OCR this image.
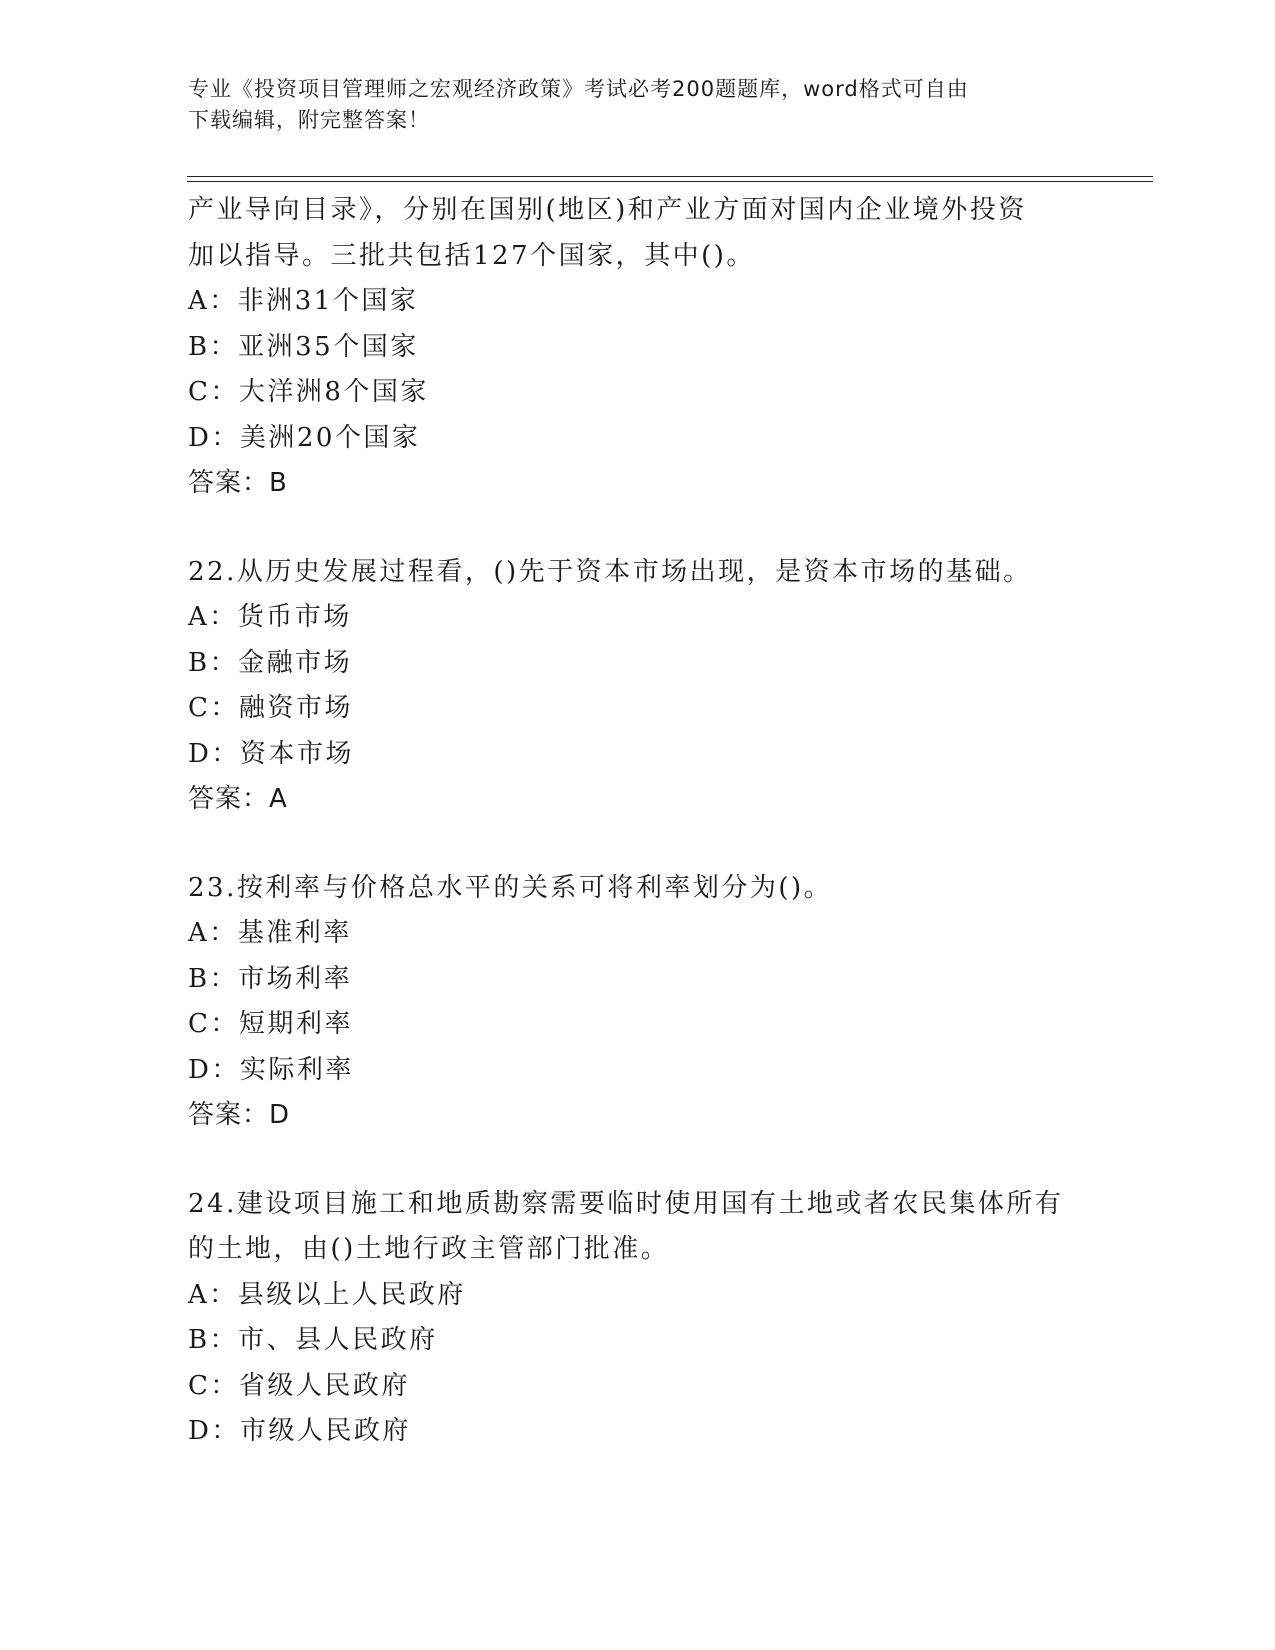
专业《投资项目管理师之宏观经济政策》考试必考200题题库，word格式可自由
下载编辑，附完整答案！
产业导向目录》，分别在国别(地区)和产业方面对国内企业境外投资
加以指导。三批共包括127个国家，其中()。
A：非洲31个国家
B：亚洲35个国家
C：大洋洲8个国家
D：美洲20个国家
答案：B
22.从历史发展过程看，()先于资本市场出现，是资本市场的基础。
A：货币市场
B：金融市场
C：融资市场
D：资本市场
答案：A
23.按利率与价格总水平的关系可将利率划分为()。
A：基准利率
B：市场利率
C：短期利率
D：实际利率
答案：D
24.建设项目施工和地质勘察需要临时使用国有土地或者农民集体所有
的土地，由()土地行政主管部门批准。
A：县级以上人民政府
B：市、县人民政府
C：省级人民政府
D：市级人民政府
